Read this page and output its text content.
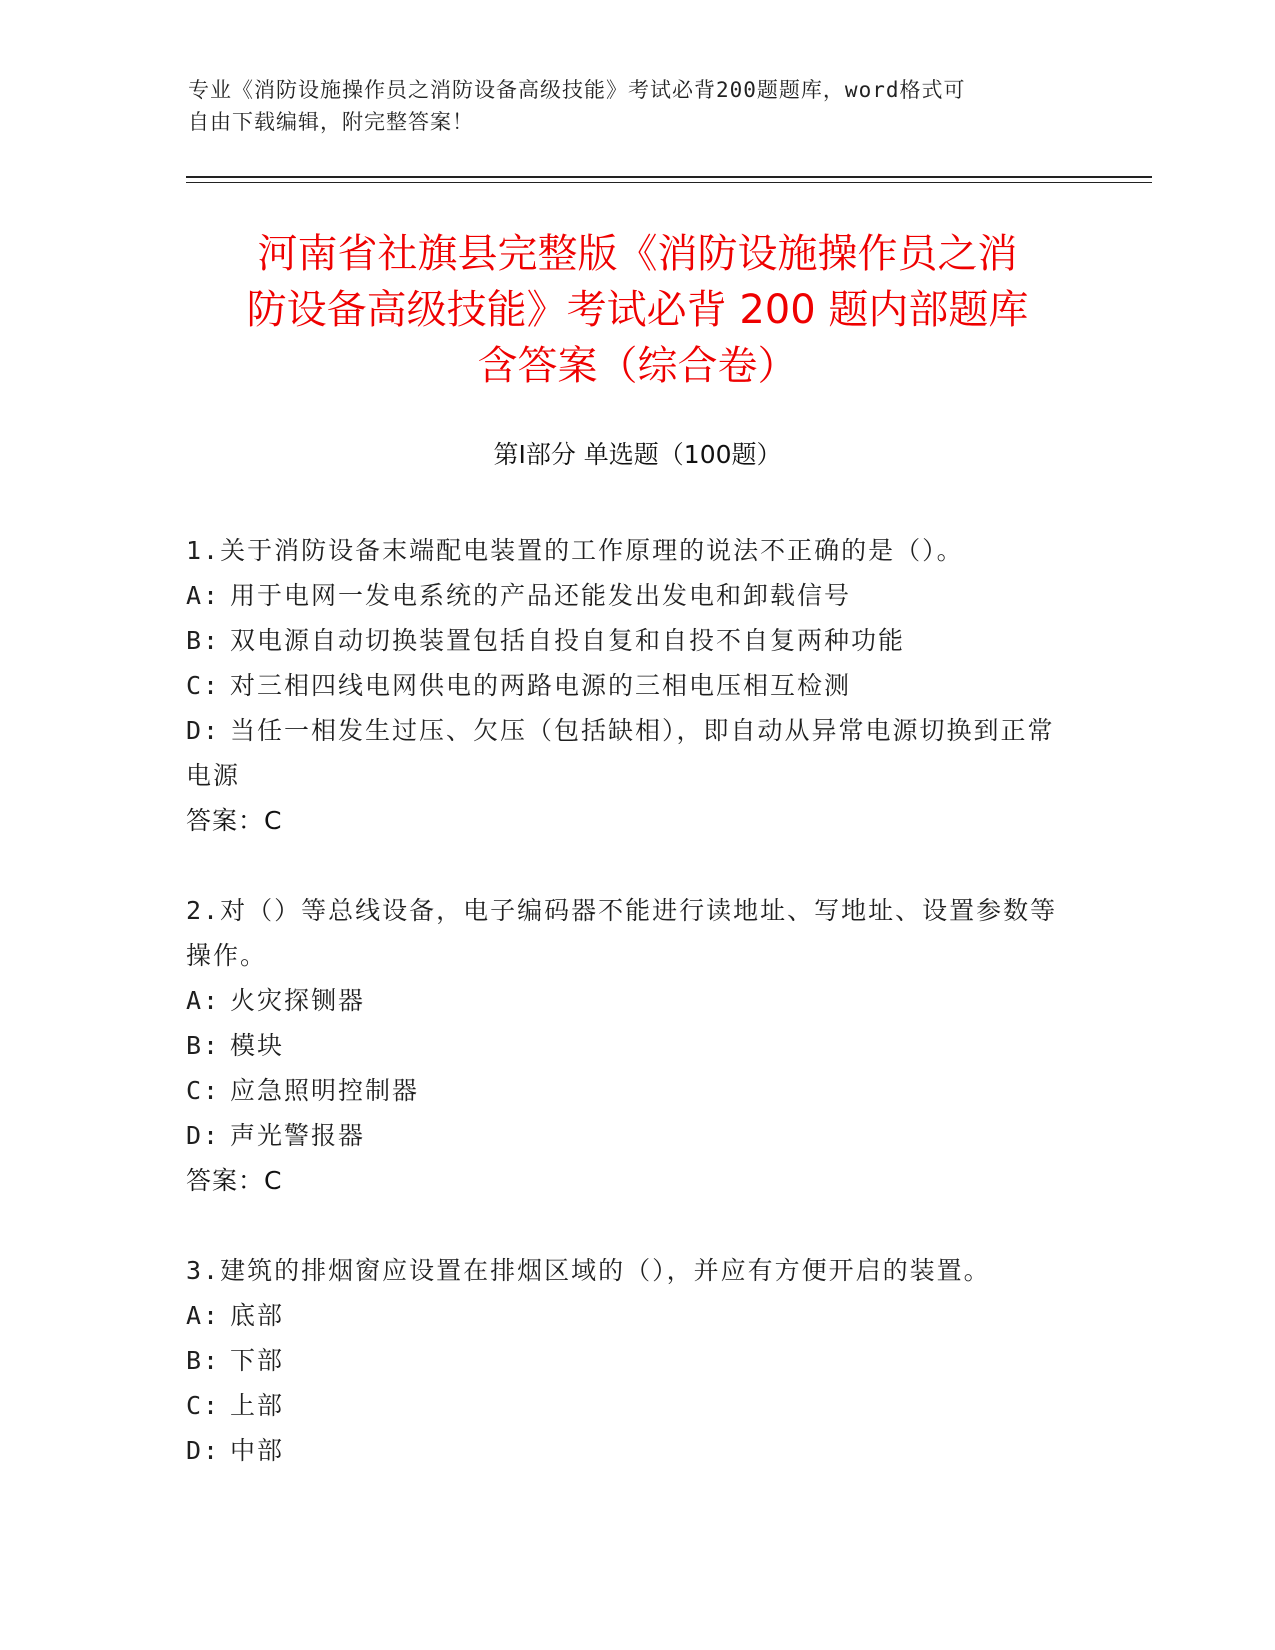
专业《消防设施操作员之消防设备高级技能》考试必背200题题库，word格式可
自由下载编辑，附完整答案！
河南省社旗县完整版《消防设施操作员之消
防设备高级技能》考试必背 200 题内部题库
含答案（综合卷）
第Ⅰ部分 单选题（100题）

1.关于消防设备末端配电装置的工作原理的说法不正确的是（）。

A: 用于电网一发电系统的产品还能发出发电和卸载信号

B: 双电源自动切换装置包括自投自复和自投不自复两种功能

C: 对三相四线电网供电的两路电源的三相电压相互检测

D: 当任一相发生过压、欠压（包括缺相），即自动从异常电源切换到正常电源

答案：C

2.对（）等总线设备，电子编码器不能进行读地址、写地址、设置参数等操作。

A: 火灾探铡器

B: 模块

C: 应急照明控制器

D: 声光警报器

答案：C

3.建筑的排烟窗应设置在排烟区域的（），并应有方便开启的装置。

A: 底部

B: 下部

C: 上部

D: 中部
